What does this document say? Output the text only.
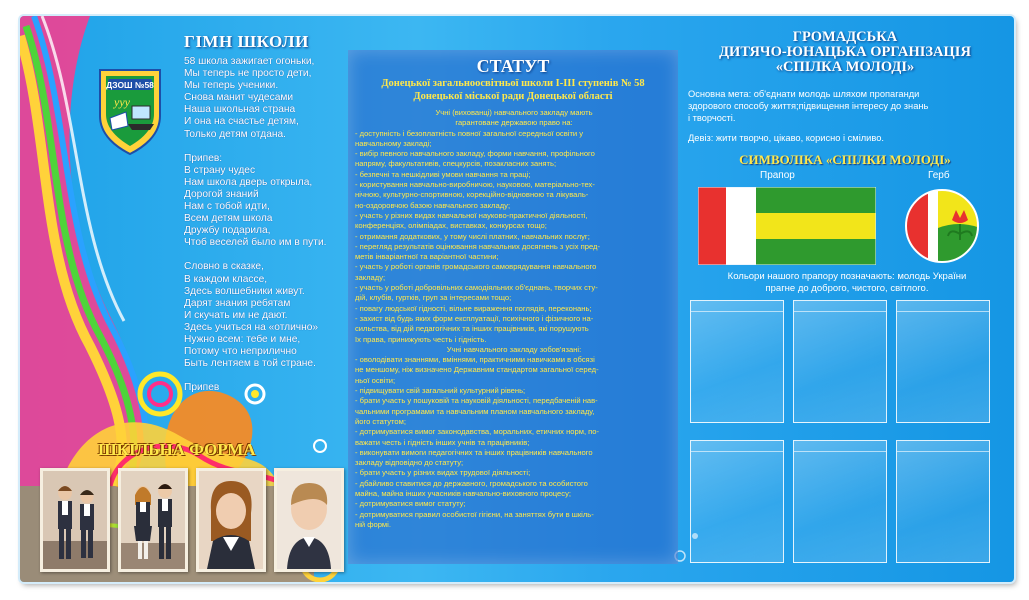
ДЗОШ №58
ууу
ГІМН ШКОЛИ
58 школа зажигает огоньки,
Мы теперь не просто дети,
Мы теперь ученики.
Снова манит чудесами
Наша школьная страна
И она на счастье детям,
Только детям отдана.
Припев:
В страну чудес
Нам школа дверь открыла,
Дорогой знаний
Нам с тобой идти,
Всем детям школа
Дружбу подарила,
Чтоб веселей было им в пути.
Словно в сказке,
В каждом классе,
Здесь волшебники живут.
Дарят знания ребятам
И скучать им не дают.
Здесь учиться на «отлично»
Нужно всем: тебе и мне,
Потому что неприлично
Быть лентяем в той стране.
Припев
ШКІЛЬНА ФОРМА
СТАТУТ
Донецької загальноосвітньої школи І-ІІІ ступенів № 58
Донецької міської ради Донецької області
Учні (вихованці) навчального закладу мають
гарантоване державою право на:
- доступність і безоплатність повної загальної середньої освіти у
навчальному закладі;
- вибір певного навчального закладу, форми навчання, профільного
напряму, факультативів, спецкурсів, позакласних занять;
- безпечні та нешкідливі умови навчання та праці;
- користування навчально-виробничою, науковою, матеріально-тех-
нічною, культурно-спортивною, корекційно-відновною та лікуваль-
но-оздоровчою базою навчального закладу;
- участь у різних видах навчальної науково-практичної діяльності,
конференціях, олімпіадах, виставках, конкурсах тощо;
- отримання додаткових, у тому числі платних, навчальних послуг;
- перегляд результатів оцінювання навчальних досягнень з усіх пред-
метів інваріантної та варіантної частини;
- участь у роботі органів громадського самоврядування навчального
закладу;
- участь у роботі добровільних самодіяльних об'єднань, творчих сту-
дій, клубів, гуртків, груп за інтересами тощо;
- повагу людської гідності, вільне вираження поглядів, переконань;
- захист від будь яких форм експлуатації, психічного і фізичного на-
сильства, від дій педагогічних та інших працівників, які порушують
їх права, принижують честь і гідність.
Учні навчального закладу зобов'язані:
- оволодівати знаннями, вміннями, практичними навичками в обсязі
не меншому, ніж визначено Державним стандартом загальної серед-
ньої освіти;
- підвищувати свій загальний культурний рівень;
- брати участь у пошуковій та науковій діяльності, передбаченій нав-
чальними програмами та навчальним планом навчального закладу,
його статутом;
- дотримуватися вимог законодавства, моральних, етичних норм, по-
важати честь і гідність інших учнів та працівників;
- виконувати вимоги педагогічних та інших працівників навчального
закладу відповідно до статуту;
- брати участь у різних видах трудової діяльності;
- дбайливо ставитися до державного, громадського та особистого
майна, майна інших учасників навчально-виховного процесу;
- дотримуватися вимог статуту;
- дотримуватися правил особистої гігієни, на заняттях бути в шкіль-
ній формі.
ГРОМАДСЬКА
ДИТЯЧО-ЮНАЦЬКА ОРГАНІЗАЦІЯ
«СПІЛКА МОЛОДІ»
Основна мета: об'єднати молодь шляхом пропаганди
здорового способу життя;підвищення інтересу до знань
і творчості.
Девіз: жити творчо, цікаво, корисно і сміливо.
СИМВОЛІКА «СПІЛКИ МОЛОДІ»
Прапор	Герб
Кольори нашого прапору позначають: молодь України
прагне до доброго, чистого, світлого.
